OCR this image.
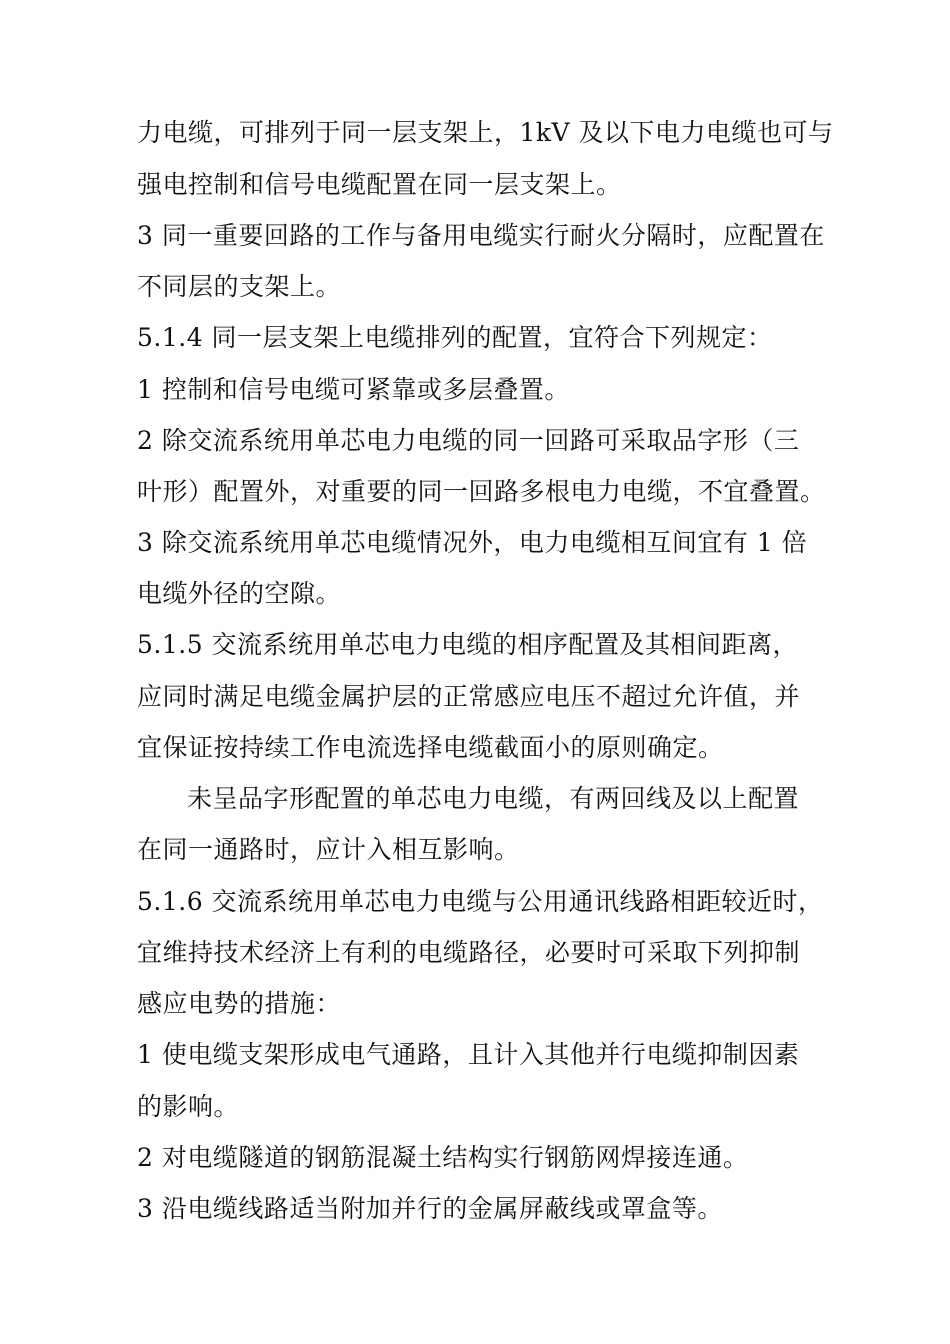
力电缆，可排列于同一层支架上，1kV 及以下电力电缆也可与
强电控制和信号电缆配置在同一层支架上。
3 同一重要回路的工作与备用电缆实行耐火分隔时，应配置在
不同层的支架上。
5.1.4 同一层支架上电缆排列的配置，宜符合下列规定：
1 控制和信号电缆可紧靠或多层叠置。
2 除交流系统用单芯电力电缆的同一回路可采取品字形（三
叶形）配置外，对重要的同一回路多根电力电缆，不宜叠置。
3 除交流系统用单芯电缆情况外，电力电缆相互间宜有 1 倍
电缆外径的空隙。
5.1.5 交流系统用单芯电力电缆的相序配置及其相间距离，
应同时满足电缆金属护层的正常感应电压不超过允许值，并
宜保证按持续工作电流选择电缆截面小的原则确定。
未呈品字形配置的单芯电力电缆，有两回线及以上配置
在同一通路时，应计入相互影响。
5.1.6 交流系统用单芯电力电缆与公用通讯线路相距较近时，
宜维持技术经济上有利的电缆路径，必要时可采取下列抑制
感应电势的措施：
1 使电缆支架形成电气通路，且计入其他并行电缆抑制因素
的影响。
2 对电缆隧道的钢筋混凝土结构实行钢筋网焊接连通。
3 沿电缆线路适当附加并行的金属屏蔽线或罩盒等。
